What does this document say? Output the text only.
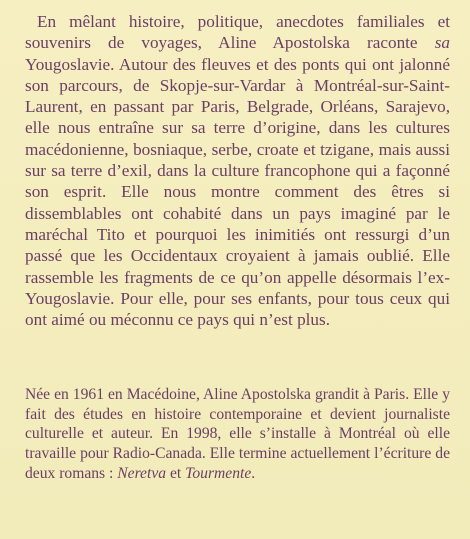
En mêlant histoire, politique, anecdotes familiales et souvenirs de voyages, Aline Apostolska raconte sa Yougoslavie. Autour des fleuves et des ponts qui ont jalonné son parcours, de Skopje-sur-Vardar à Montréal-sur-Saint-Laurent, en passant par Paris, Belgrade, Orléans, Sarajevo, elle nous entraîne sur sa terre d’origine, dans les cultures macédonienne, bosniaque, serbe, croate et tzigane, mais aussi sur sa terre d’exil, dans la culture francophone qui a façonné son esprit. Elle nous montre comment des êtres si dissemblables ont cohabité dans un pays imaginé par le maréchal Tito et pourquoi les inimitiés ont ressurgi d’un passé que les Occidentaux croyaient à jamais oublié. Elle rassemble les fragments de ce qu’on appelle désormais l’ex-Yougoslavie. Pour elle, pour ses enfants, pour tous ceux qui ont aimé ou méconnu ce pays qui n’est plus.

Née en 1961 en Macédoine, Aline Apostolska grandit à Paris. Elle y fait des études en histoire contemporaine et devient journaliste culturelle et auteur. En 1998, elle s’installe à Montréal où elle travaille pour Radio-Canada. Elle termine actuellement l’écriture de deux romans : Neretva et Tourmente.
